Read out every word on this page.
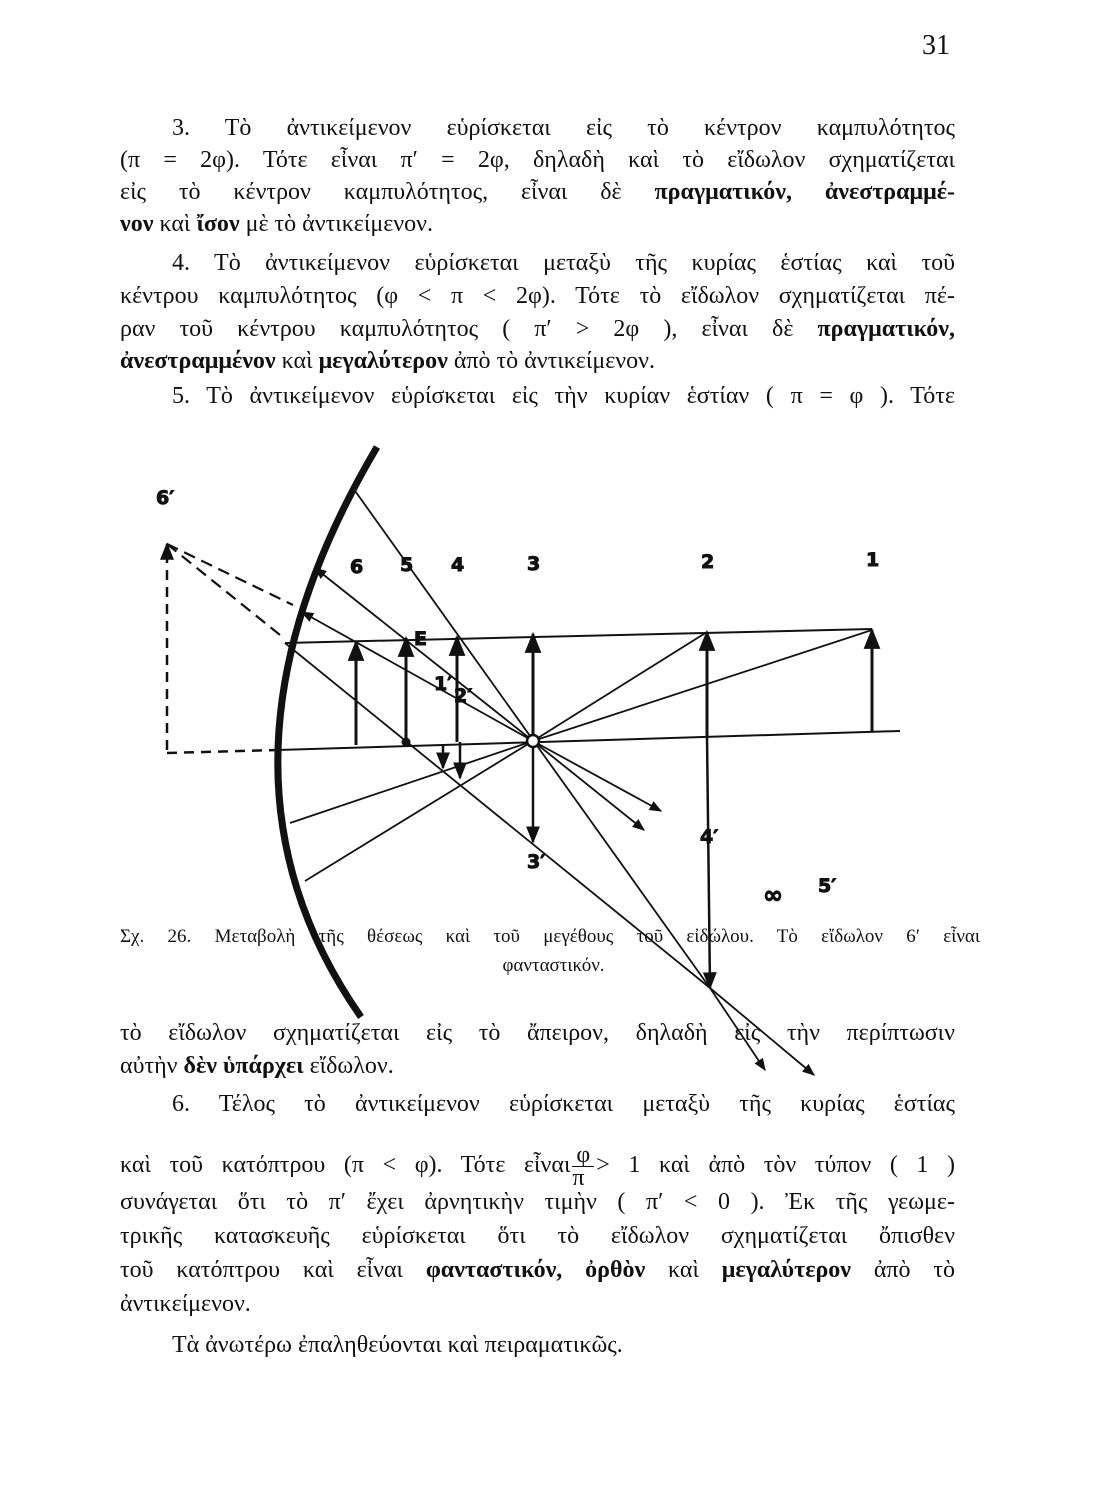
31
3. Τὸ ἀντικείμενον εὑρίσκεται εἰς τὸ κέντρον καμπυλότητος
(π = 2φ). Τότε εἶναι π′ = 2φ, δηλαδὴ καὶ τὸ εἴδωλον σχηματίζεται
εἰς τὸ κέντρον καμπυλότητος, εἶναι δὲ πραγματικόν, ἀνεστραμμέ-
νον καὶ ἴσον μὲ τὸ ἀντικείμενον.
4. Τὸ ἀντικείμενον εὑρίσκεται μεταξὺ τῆς κυρίας ἑστίας καὶ τοῦ
κέντρου καμπυλότητος (φ < π < 2φ). Τότε τὸ εἴδωλον σχηματίζεται πέ-
ραν τοῦ κέντρου καμπυλότητος ( π′ > 2φ ), εἶναι δὲ πραγματικόν,
ἀνεστραμμένον καὶ μεγαλύτερον ἀπὸ τὸ ἀντικείμενον.
5. Τὸ ἀντικείμενον εὑρίσκεται εἰς τὴν κυρίαν ἑστίαν ( π = φ ). Τότε
1
2
3
4
5
6
1′
2′
3′
4′
5′
6′
E
∞
Σχ. 26. Μεταβολὴ τῆς θέσεως καὶ τοῦ μεγέθους τοῦ εἰδώλου. Τὸ εἴδωλον 6′ εἶναι
φανταστικόν.
τὸ εἴδωλον σχηματίζεται εἰς τὸ ἄπειρον, δηλαδὴ εἰς τὴν περίπτωσιν
αὐτὴν δὲν ὑπάρχει εἴδωλον.
6. Τέλος τὸ ἀντικείμενον εὑρίσκεται μεταξὺ τῆς κυρίας ἑστίας
καὶ τοῦ κατόπτρου (π < φ). Τότε εἶναι $\frac{\varphi}{\pi} > 1$ καὶ ἀπὸ τὸν τύπον ( 1 )
συνάγεται ὅτι τὸ π′ ἔχει ἀρνητικὴν τιμὴν ( π′ < 0 ). Ἐκ τῆς γεωμε-
τρικῆς κατασκευῆς εὑρίσκεται ὅτι τὸ εἴδωλον σχηματίζεται ὄπισθεν
τοῦ κατόπτρου καὶ εἶναι φανταστικόν, ὀρθὸν καὶ μεγαλύτερον ἀπὸ τὸ
ἀντικείμενον.
Τὰ ἀνωτέρω ἐπαληθεύονται καὶ πειραματικῶς.
